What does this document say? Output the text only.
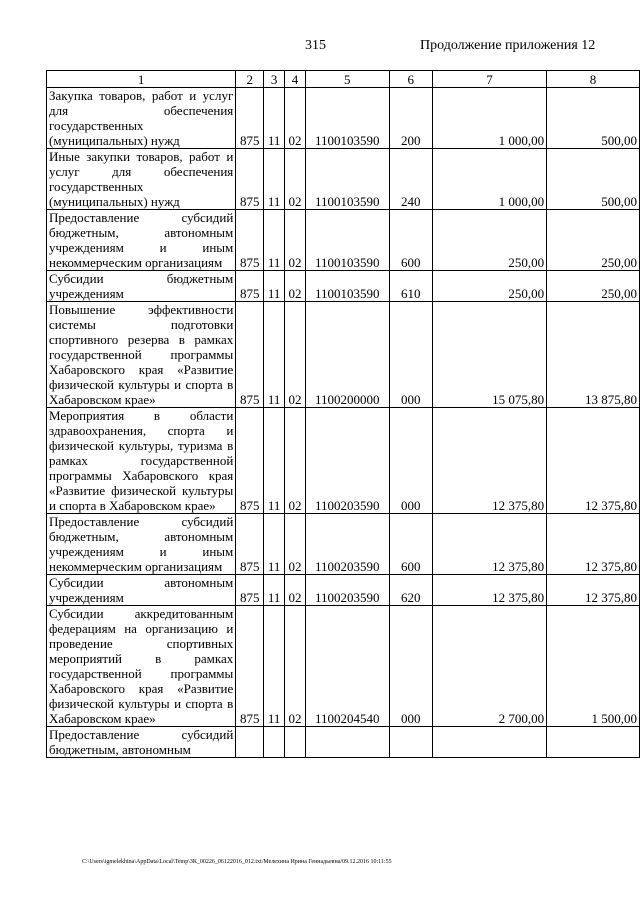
315	Продолжение приложения 12
1	2	3	4	5	6	7	8
Закупка товаров, работ и услуг для обеспечения государственных (муниципальных) нужд	875	11	02	1100103590	200	1 000,00	500,00
Иные закупки товаров, работ и услуг для обеспечения государственных (муниципальных) нужд	875	11	02	1100103590	240	1 000,00	500,00
Предоставление субсидий бюджетным, автономным учреждениям и иным некоммерческим организациям	875	11	02	1100103590	600	250,00	250,00
Субсидии бюджетным учреждениям	875	11	02	1100103590	610	250,00	250,00
Повышение эффективности системы подготовки спортивного резерва в рамках государственной программы Хабаровского края «Развитие физической культуры и спорта в Хабаровском крае»	875	11	02	1100200000	000	15 075,80	13 875,80
Мероприятия в области здравоохранения, спорта и физической культуры, туризма в рамках государственной программы Хабаровского края «Развитие физической культуры и спорта в Хабаровском крае»	875	11	02	1100203590	000	12 375,80	12 375,80
Предоставление субсидий бюджетным, автономным учреждениям и иным некоммерческим организациям	875	11	02	1100203590	600	12 375,80	12 375,80
Субсидии автономным учреждениям	875	11	02	1100203590	620	12 375,80	12 375,80
Субсидии аккредитованным федерациям на организацию и проведение спортивных мероприятий в рамках государственной программы Хабаровского края «Развитие физической культуры и спорта в Хабаровском крае»	875	11	02	1100204540	000	2 700,00	1 500,00
Предоставление субсидий бюджетным, автономным							
C:\Users\igmelekhina\AppData\Local\Temp\ЗК_00226_06122016_012.txt/Мелехина Ирина Геннадьевна/09.12.2016 10:11:55
